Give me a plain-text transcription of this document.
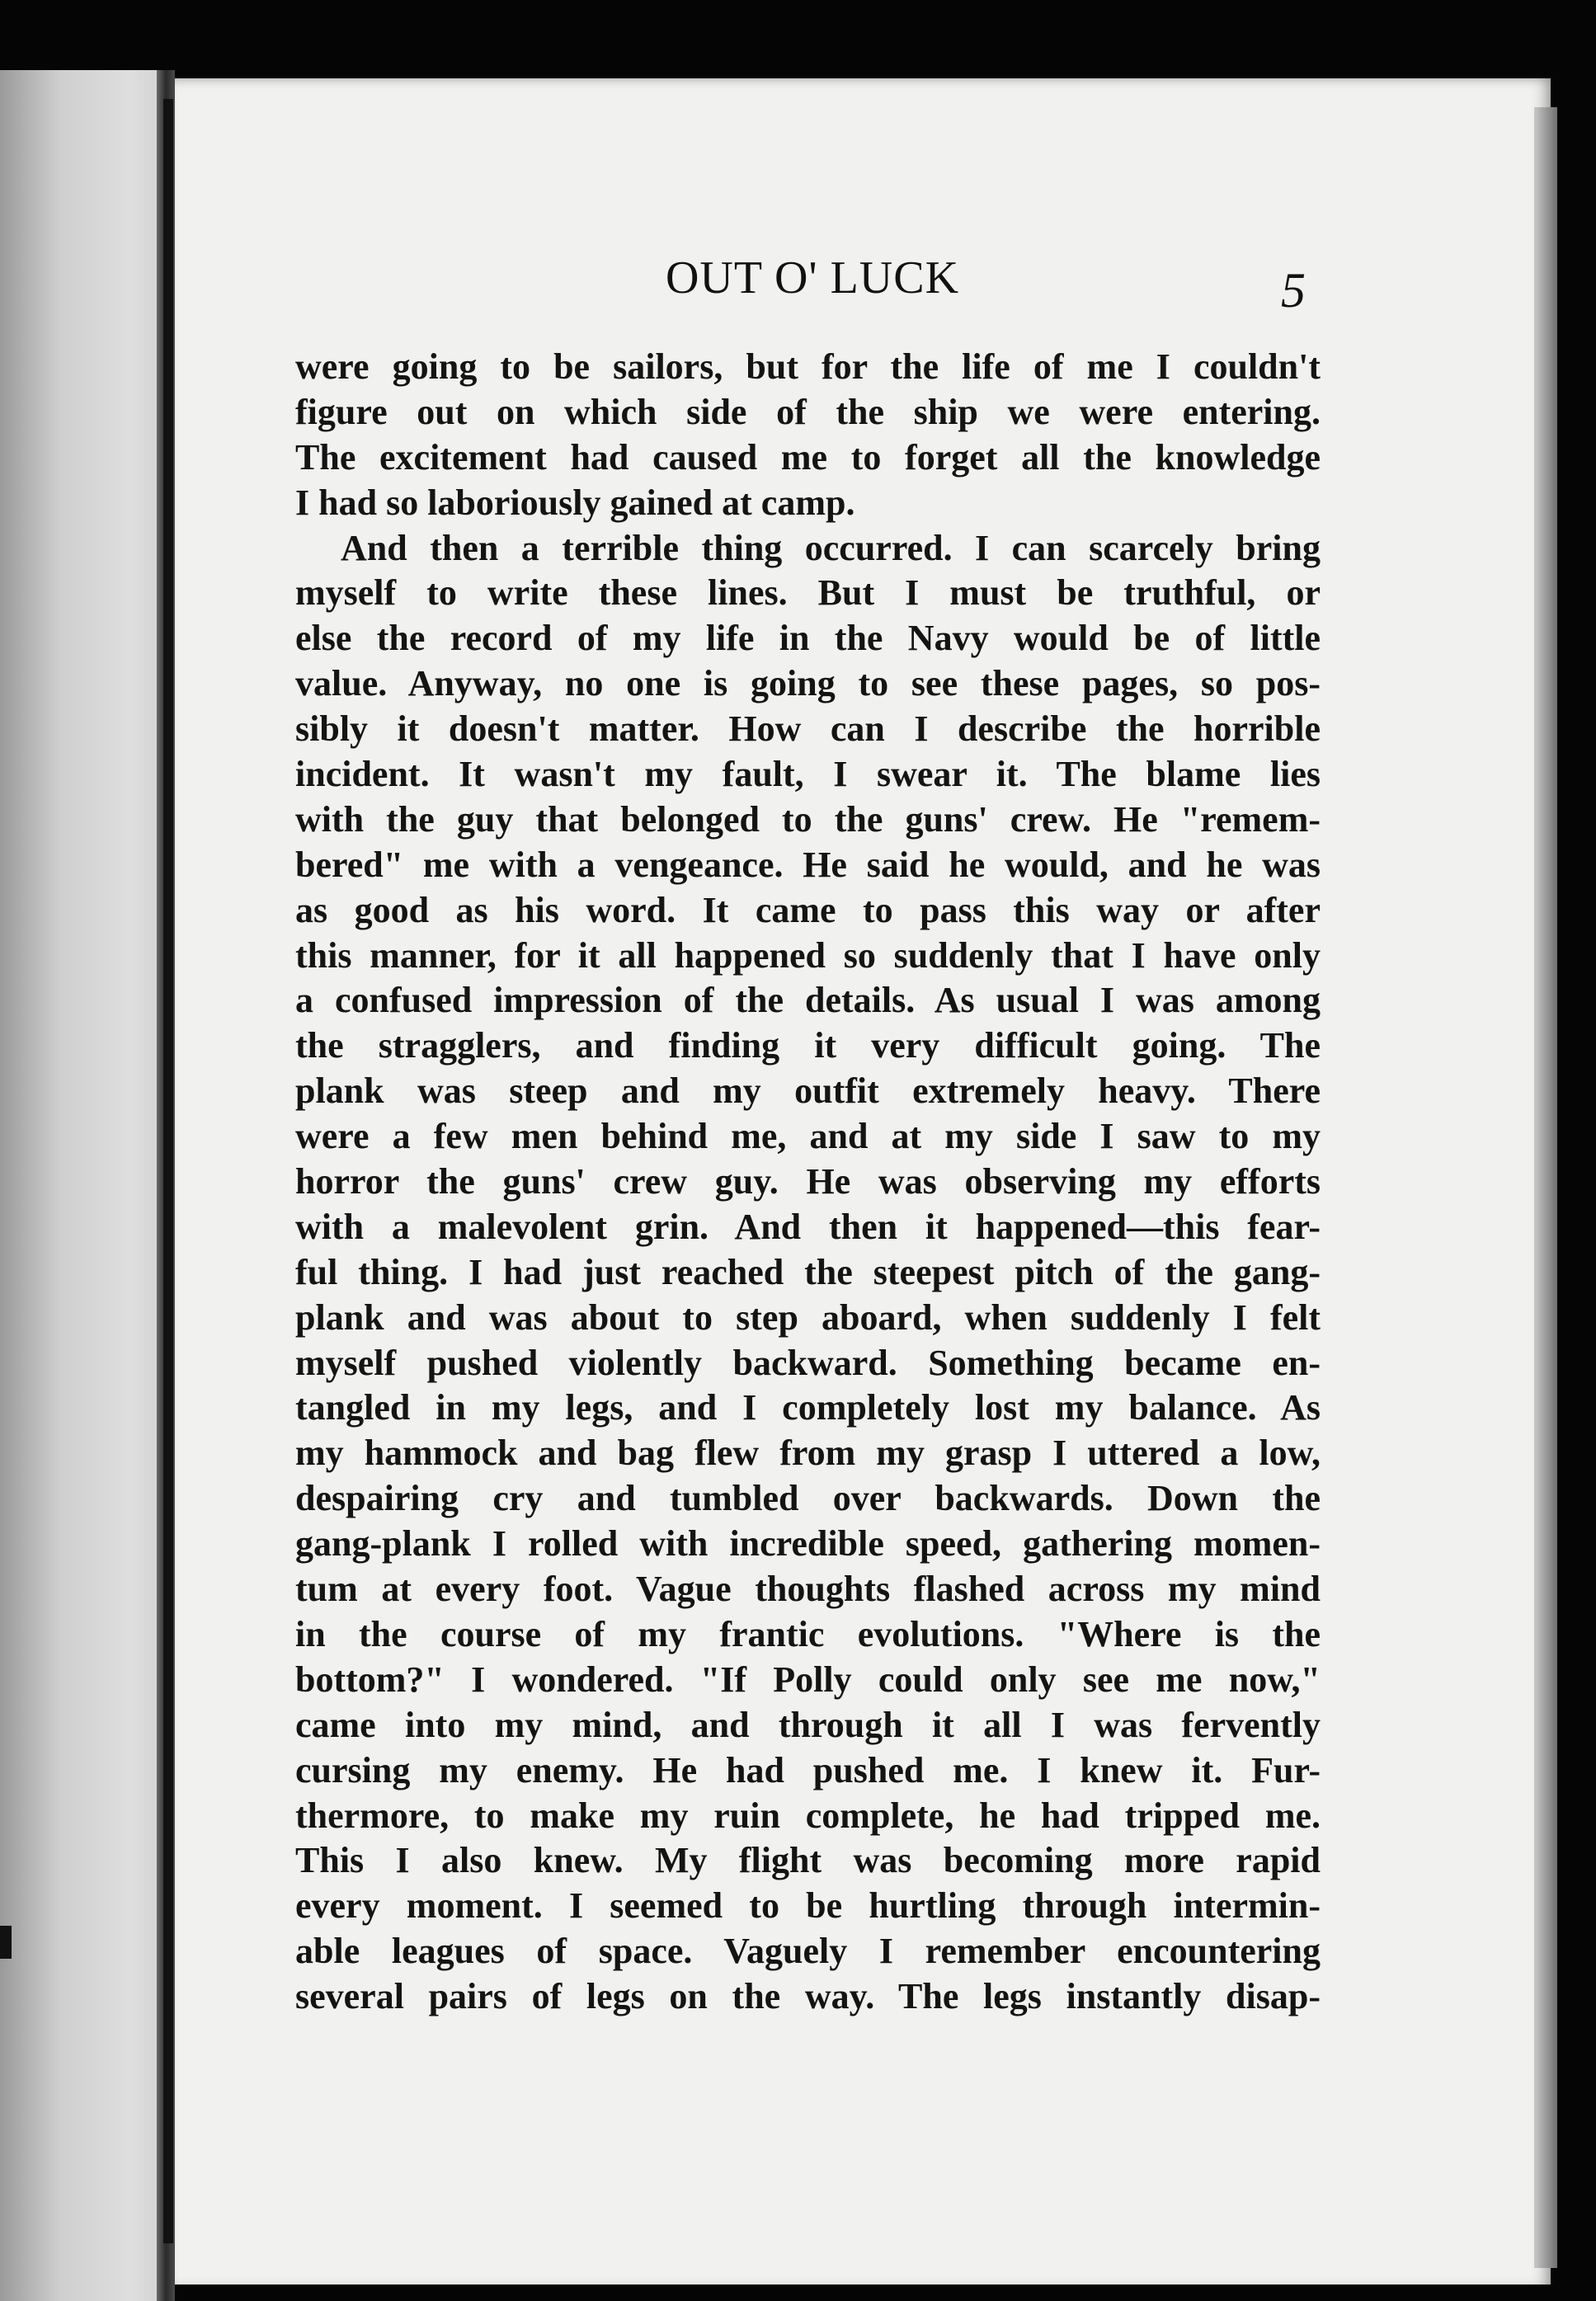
OUT O' LUCK	5
were going to be sailors, but for the life of me I couldn't
figure out on which side of the ship we were entering.
The excitement had caused me to forget all the knowledge
I had so laboriously gained at camp.
And then a terrible thing occurred. I can scarcely bring
myself to write these lines. But I must be truthful, or
else the record of my life in the Navy would be of little
value. Anyway, no one is going to see these pages, so pos-
sibly it doesn't matter. How can I describe the horrible
incident. It wasn't my fault, I swear it. The blame lies
with the guy that belonged to the guns' crew. He "remem-
bered" me with a vengeance. He said he would, and he was
as good as his word. It came to pass this way or after
this manner, for it all happened so suddenly that I have only
a confused impression of the details. As usual I was among
the stragglers, and finding it very difficult going. The
plank was steep and my outfit extremely heavy. There
were a few men behind me, and at my side I saw to my
horror the guns' crew guy. He was observing my efforts
with a malevolent grin. And then it happened—this fear-
ful thing. I had just reached the steepest pitch of the gang-
plank and was about to step aboard, when suddenly I felt
myself pushed violently backward. Something became en-
tangled in my legs, and I completely lost my balance. As
my hammock and bag flew from my grasp I uttered a low,
despairing cry and tumbled over backwards. Down the
gang-plank I rolled with incredible speed, gathering momen-
tum at every foot. Vague thoughts flashed across my mind
in the course of my frantic evolutions. "Where is the
bottom?" I wondered. "If Polly could only see me now,"
came into my mind, and through it all I was fervently
cursing my enemy. He had pushed me. I knew it. Fur-
thermore, to make my ruin complete, he had tripped me.
This I also knew. My flight was becoming more rapid
every moment. I seemed to be hurtling through intermin-
able leagues of space. Vaguely I remember encountering
several pairs of legs on the way. The legs instantly disap-
